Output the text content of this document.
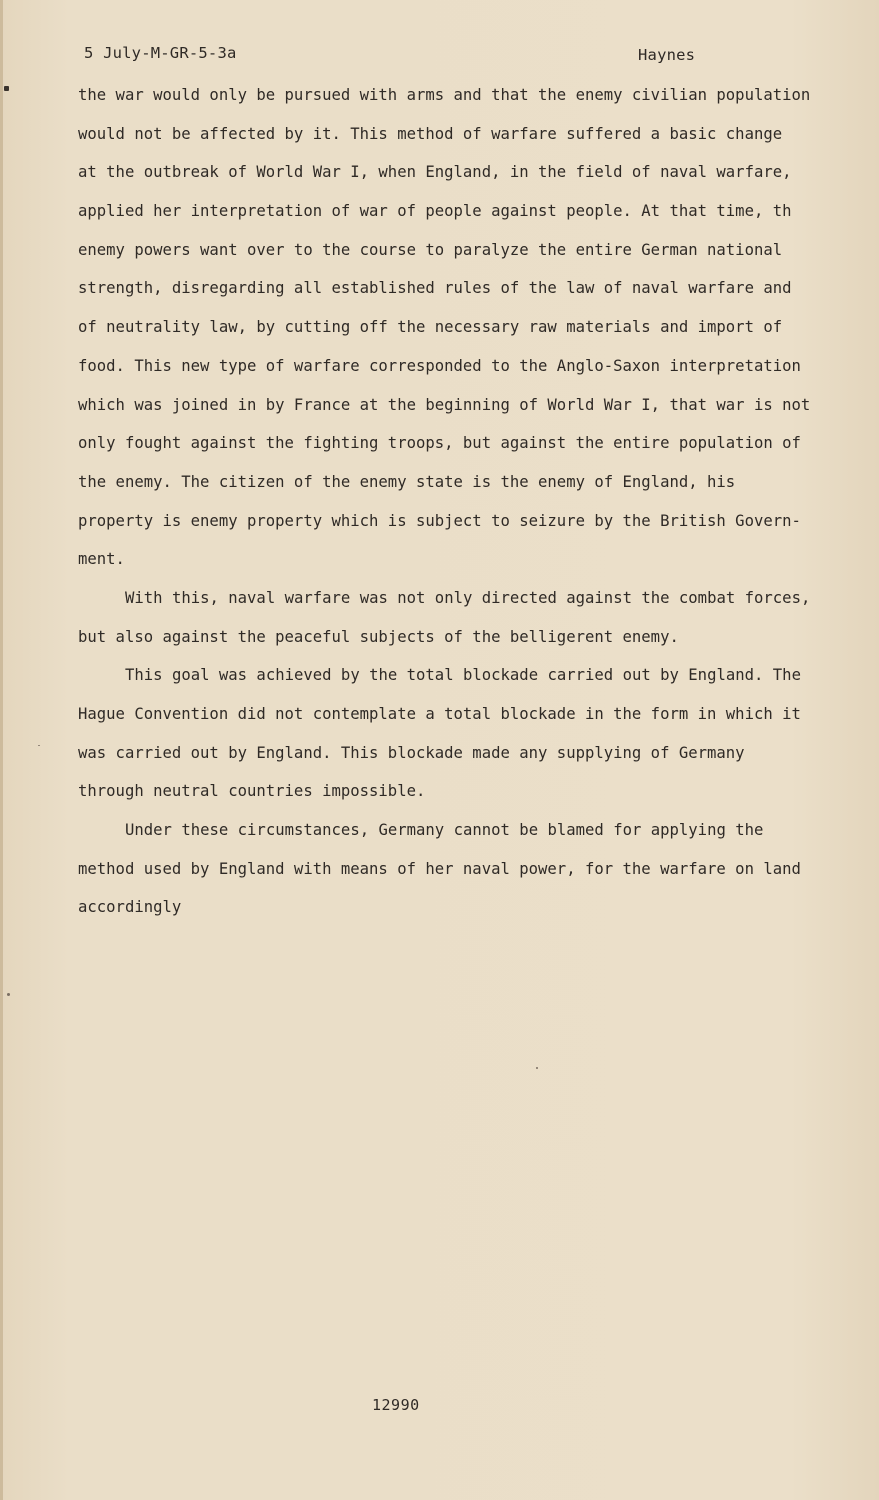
5 July-M-GR-5-3a	Haynes
the war would only be pursued with arms and that the enemy civilian population
would not be affected by it. This method of warfare suffered a basic change
at the outbreak of World War I, when England, in the field of naval warfare,
applied her interpretation of war of people against people. At that time, th
enemy powers want over to the course to paralyze the entire German national
strength, disregarding all established rules of the law of naval warfare and
of neutrality law, by cutting off the necessary raw materials and import of
food. This new type of warfare corresponded to the Anglo-Saxon interpretation
which was joined in by France at the beginning of World War I, that war is not
only fought against the fighting troops, but against the entire population of
the enemy. The citizen of the enemy state is the enemy of England, his
property is enemy property which is subject to seizure by the British Govern-
ment.
With this, naval warfare was not only directed against the combat forces,
but also against the peaceful subjects of the belligerent enemy.
This goal was achieved by the total blockade carried out by England. The
Hague Convention did not contemplate a total blockade in the form in which it
was carried out by England. This blockade made any supplying of Germany
through neutral countries impossible.
Under these circumstances, Germany cannot be blamed for applying the
method used by England with means of her naval power, for the warfare on land
accordingly
12990
